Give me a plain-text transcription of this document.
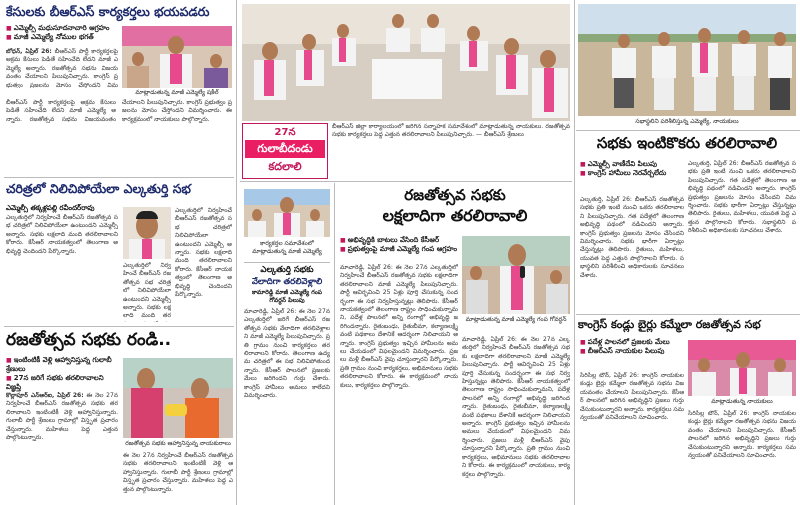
కేసులకు బీఆర్ఎస్ కార్యకర్తలు భయపడరు
■ ఎమ్మెల్సీ మధుసూదనాచారి ఆగ్రహం
■ మాజీ ఎమ్మెల్యే నోముల భగత్
మాట్లాడుతున్న మాజీ ఎమ్మెల్యే షకీల్
బోధన్, ఏప్రిల్ 26: బీఆర్ఎస్ పార్టీ కార్యకర్తలపై అక్రమ కేసులు పెడితే సహించేది లేదని మాజీ ఎమ్మెల్యే అన్నారు. రజతోత్సవ సభను విజయవంతం చేయాలని పిలుపునిచ్చారు. కాంగ్రెస్ ప్రభుత్వం ప్రజలను మోసం చేస్తోందని విమ
బీఆర్ఎస్ పార్టీ కార్యకర్తలపై అక్రమ కేసులు పెడితే సహించేది లేదని మాజీ ఎమ్మెల్యే అన్నారు. రజతోత్సవ సభను విజయవంతం చేయాలని పిలుపునిచ్చారు. కాంగ్రెస్ ప్రభుత్వం ప్రజలను మోసం చేస్తోందని విమర్శించారు. ఈ కార్యక్రమంలో నాయకులు పాల్గొన్నారు.
చరిత్రలో నిలిచిపోయేలా ఎల్కతుర్తి సభ
ఎమ్మెల్సీ తక్కళ్లపల్లి రవీందర్‌రావు
ఎల్కతుర్తిలో నిర్వహించే బీఆర్ఎస్ రజతోత్సవ సభ చరిత్రలో నిలిచిపోయేలా ఉంటుందని ఎమ్మెల్సీ అన్నారు. సభకు లక్షలాది మంది తరలిరావాలని కోరారు. కేసీఆర్ నాయకత్వంలో తెలంగాణ అభివృద్ధి చెందిందని పేర్కొన్నారు.
ఎల్కతుర్తిలో నిర్వహించే బీఆర్ఎస్ రజతోత్సవ సభ చరిత్రలో నిలిచిపోయేలా ఉంటుందని ఎమ్మెల్సీ అన్నారు. సభకు లక్షలాది మంది తరలిరావాలని కోరారు. కేసీఆర్ నాయకత్వంలో తెలంగాణ అభివృద్ధి చెందిందని పేర్కొన్నారు.
ఎల్కతుర్తిలో నిర్వహించే బీఆర్ఎస్ రజతోత్సవ సభ చరిత్రలో నిలిచిపోయేలా ఉంటుందని ఎమ్మెల్సీ అన్నారు. సభకు లక్షలాది మంది తర
రజతోత్సవ సభకు రండి..
■ ఇంటింటికీ వెళ్లి ఆహ్వానిస్తున్న గులాబీ శ్రేణులు
■ 27న జరిగే సభకు తరలిరావాలని విజ్ఞప్తి
రజతోత్సవ సభకు ఆహ్వానిస్తున్న నాయకురాలు
కొల్లాపూర్ ఎన్ఆర్ఐ, ఏప్రిల్ 26: ఈ నెల 27న నిర్వహించే బీఆర్ఎస్ రజతోత్సవ సభకు తరలిరావాలని ఇంటింటికీ వెళ్లి ఆహ్వానిస్తున్నారు. గులాబీ పార్టీ శ్రేణులు గ్రామాల్లో విస్తృత ప్రచారం చేస్తున్నారు. మహిళలు పెద్ద ఎత్తున పాల్గొంటున్నారు.
ఈ నెల 27న నిర్వహించే బీఆర్ఎస్ రజతోత్సవ సభకు తరలిరావాలని ఇంటింటికీ వెళ్లి ఆహ్వానిస్తున్నారు. గులాబీ పార్టీ శ్రేణులు గ్రామాల్లో విస్తృత ప్రచారం చేస్తున్నారు. మహిళలు పెద్ద ఎత్తున పాల్గొంటున్నారు.
27న
గులాబీదండు
కదలాలి
బీఆర్ఎస్ జిల్లా కార్యాలయంలో జరిగిన సన్నాహక సమావేశంలో మాట్లాడుతున్న నాయకులు. రజతోత్సవ సభకు కార్యకర్తలు పెద్ద ఎత్తున తరలిరావాలని పిలుపునిచ్చారు. — బీఆర్ఎస్ శ్రేణులు
కార్యకర్తల సమావేశంలో మాట్లాడుతున్న మాజీ ఎమ్మెల్యే
ఎల్కతుర్తి సభకు
వేలాదిగా తరలివెళ్లాలి
కామారెడ్డి మాజీ ఎమ్మెల్యే గంప గోవర్ధన్ పిలుపు
మాచారెడ్డి, ఏప్రిల్ 26: ఈ నెల 27న ఎల్కతుర్తిలో జరిగే బీఆర్ఎస్ రజతోత్సవ సభకు వేలాదిగా తరలివెళ్లాలని మాజీ ఎమ్మెల్యే పిలుపునిచ్చారు. ప్రతి గ్రామం నుంచి కార్యకర్తలు తరలిరావాలని కోరారు. తెలంగాణ ఉద్యమ చరిత్రలో ఈ సభ నిలిచిపోతుందన్నారు. కేసీఆర్ పాలనలో ప్రజలకు మేలు జరిగిందని గుర్తు చేశారు. కాంగ్రెస్ హామీలు అమలు కాలేదని విమర్శించారు.
రజతోత్సవ సభకు
లక్షలాదిగా తరలిరావాలి
■ అభివృద్ధికి బాటలు వేసింది కేసీఆర్
■ ప్రభుత్వంపై మాజీ ఎమ్మెల్యే గంప ఆగ్రహం
మాట్లాడుతున్న మాజీ ఎమ్మెల్యే గంప గోవర్ధన్
మాచారెడ్డి, ఏప్రిల్ 26: ఈ నెల 27న ఎల్కతుర్తిలో నిర్వహించే బీఆర్ఎస్ రజతోత్సవ సభకు లక్షలాదిగా తరలిరావాలని మాజీ ఎమ్మెల్యే పిలుపునిచ్చారు. పార్టీ ఆవిర్భవించి 25 ఏళ్లు పూర్తి చేసుకున్న సందర్భంగా ఈ సభ నిర్వహిస్తున్నట్లు తెలిపారు. కేసీఆర్ నాయకత్వంలో తెలంగాణ రాష్ట్రం సాధించుకున్నామని, పదేళ్ల పాలనలో అన్ని రంగాల్లో అభివృద్ధి జరిగిందన్నారు. రైతుబంధు, రైతుబీమా, కల్యాణలక్ష్మి వంటి పథకాలు దేశానికే ఆదర్శంగా నిలిచాయని అన్నారు. కాంగ్రెస్ ప్రభుత్వం ఇచ్చిన హామీలను అమలు చేయడంలో విఫలమైందని విమర్శించారు. ప్రజలు మళ్లీ బీఆర్ఎస్ వైపు చూస్తున్నారని పేర్కొన్నారు. ప్రతి గ్రామం నుంచి కార్యకర్తలు, అభిమానులు సభకు తరలిరావాలని కోరారు. ఈ కార్యక్రమంలో నాయకులు, కార్యకర్తలు పాల్గొన్నారు.
మాచారెడ్డి, ఏప్రిల్ 26: ఈ నెల 27న ఎల్కతుర్తిలో నిర్వహించే బీఆర్ఎస్ రజతోత్సవ సభకు లక్షలాదిగా తరలిరావాలని మాజీ ఎమ్మెల్యే పిలుపునిచ్చారు. పార్టీ ఆవిర్భవించి 25 ఏళ్లు పూర్తి చేసుకున్న సందర్భంగా ఈ సభ నిర్వహిస్తున్నట్లు తెలిపారు. కేసీఆర్ నాయకత్వంలో తెలంగాణ రాష్ట్రం సాధించుకున్నామని, పదేళ్ల పాలనలో అన్ని రంగాల్లో అభివృద్ధి జరిగిందన్నారు. రైతుబంధు, రైతుబీమా, కల్యాణలక్ష్మి వంటి పథకాలు దేశానికే ఆదర్శంగా నిలిచాయని అన్నారు. కాంగ్రెస్ ప్రభుత్వం ఇచ్చిన హామీలను అమలు చేయడంలో విఫలమైందని విమర్శించారు. ప్రజలు మళ్లీ బీఆర్ఎస్ వైపు చూస్తున్నారని పేర్కొన్నారు. ప్రతి గ్రామం నుంచి కార్యకర్తలు, అభిమానులు సభకు తరలిరావాలని కోరారు. ఈ కార్యక్రమంలో నాయకులు, కార్యకర్తలు పాల్గొన్నారు.
సభాస్థలిని పరిశీలిస్తున్న ఎమ్మెల్యే, నాయకులు
సభకు ఇంటికొకరు తరలిరావాలి
■ ఎమ్మెల్సీ వాణీదేవి పిలుపు
■ కాంగ్రెస్ హామీలు నెరవేర్చలేదు
ఎల్కతుర్తి, ఏప్రిల్ 26: బీఆర్ఎస్ రజతోత్సవ సభకు ప్రతి ఇంటి నుంచి ఒకరు తరలిరావాలని పిలుపునిచ్చారు. గత పదేళ్లలో తెలంగాణ అభివృద్ధి పథంలో నడిచిందని అన్నారు. కాంగ్రెస్ ప్రభుత్వం ప్రజలను మోసం చేసిందని విమర్శించారు. సభకు భారీగా ఏర్పాట్లు చేస్తున్నట్లు తెలిపారు. రైతులు, మహిళలు, యువత పెద్ద ఎత్తున పాల్గొనాలని కోరారు. సభాస్థలిని పరిశీలించి అధికారులకు సూచనలు చేశారు.
ఎల్కతుర్తి, ఏప్రిల్ 26: బీఆర్ఎస్ రజతోత్సవ సభకు ప్రతి ఇంటి నుంచి ఒకరు తరలిరావాలని పిలుపునిచ్చారు. గత పదేళ్లలో తెలంగాణ అభివృద్ధి పథంలో నడిచిందని అన్నారు. కాంగ్రెస్ ప్రభుత్వం ప్రజలను మోసం చేసిందని విమర్శించారు. సభకు భారీగా ఏర్పాట్లు చేస్తున్నట్లు తెలిపారు. రైతులు, మహిళలు, యువత పెద్ద ఎత్తున పాల్గొనాలని కోరారు. సభాస్థలిని పరిశీలించి అధికారులకు సూచనలు చేశారు.
కాంగ్రెస్ కండ్లు బైర్లు కమ్మేలా రజతోత్సవ సభ
■ పదేళ్ల పాలనలో ప్రజలకు మేలు
■ బీఆర్ఎస్ నాయకుల పిలుపు
మాట్లాడుతున్న నాయకులు
సిరిసిల్ల టౌన్, ఏప్రిల్ 26: కాంగ్రెస్ నాయకుల కండ్లు బైర్లు కమ్మేలా రజతోత్సవ సభను విజయవంతం చేయాలని పిలుపునిచ్చారు. కేసీఆర్ పాలనలో జరిగిన అభివృద్ధిని ప్రజలు గుర్తు చేసుకుంటున్నారని అన్నారు. కార్యకర్తలు సమన్వయంతో పనిచేయాలని సూచించారు.
సిరిసిల్ల టౌన్, ఏప్రిల్ 26: కాంగ్రెస్ నాయకుల కండ్లు బైర్లు కమ్మేలా రజతోత్సవ సభను విజయవంతం చేయాలని పిలుపునిచ్చారు. కేసీఆర్ పాలనలో జరిగిన అభివృద్ధిని ప్రజలు గుర్తు చేసుకుంటున్నారని అన్నారు. కార్యకర్తలు సమన్వయంతో పనిచేయాలని సూచించారు.
